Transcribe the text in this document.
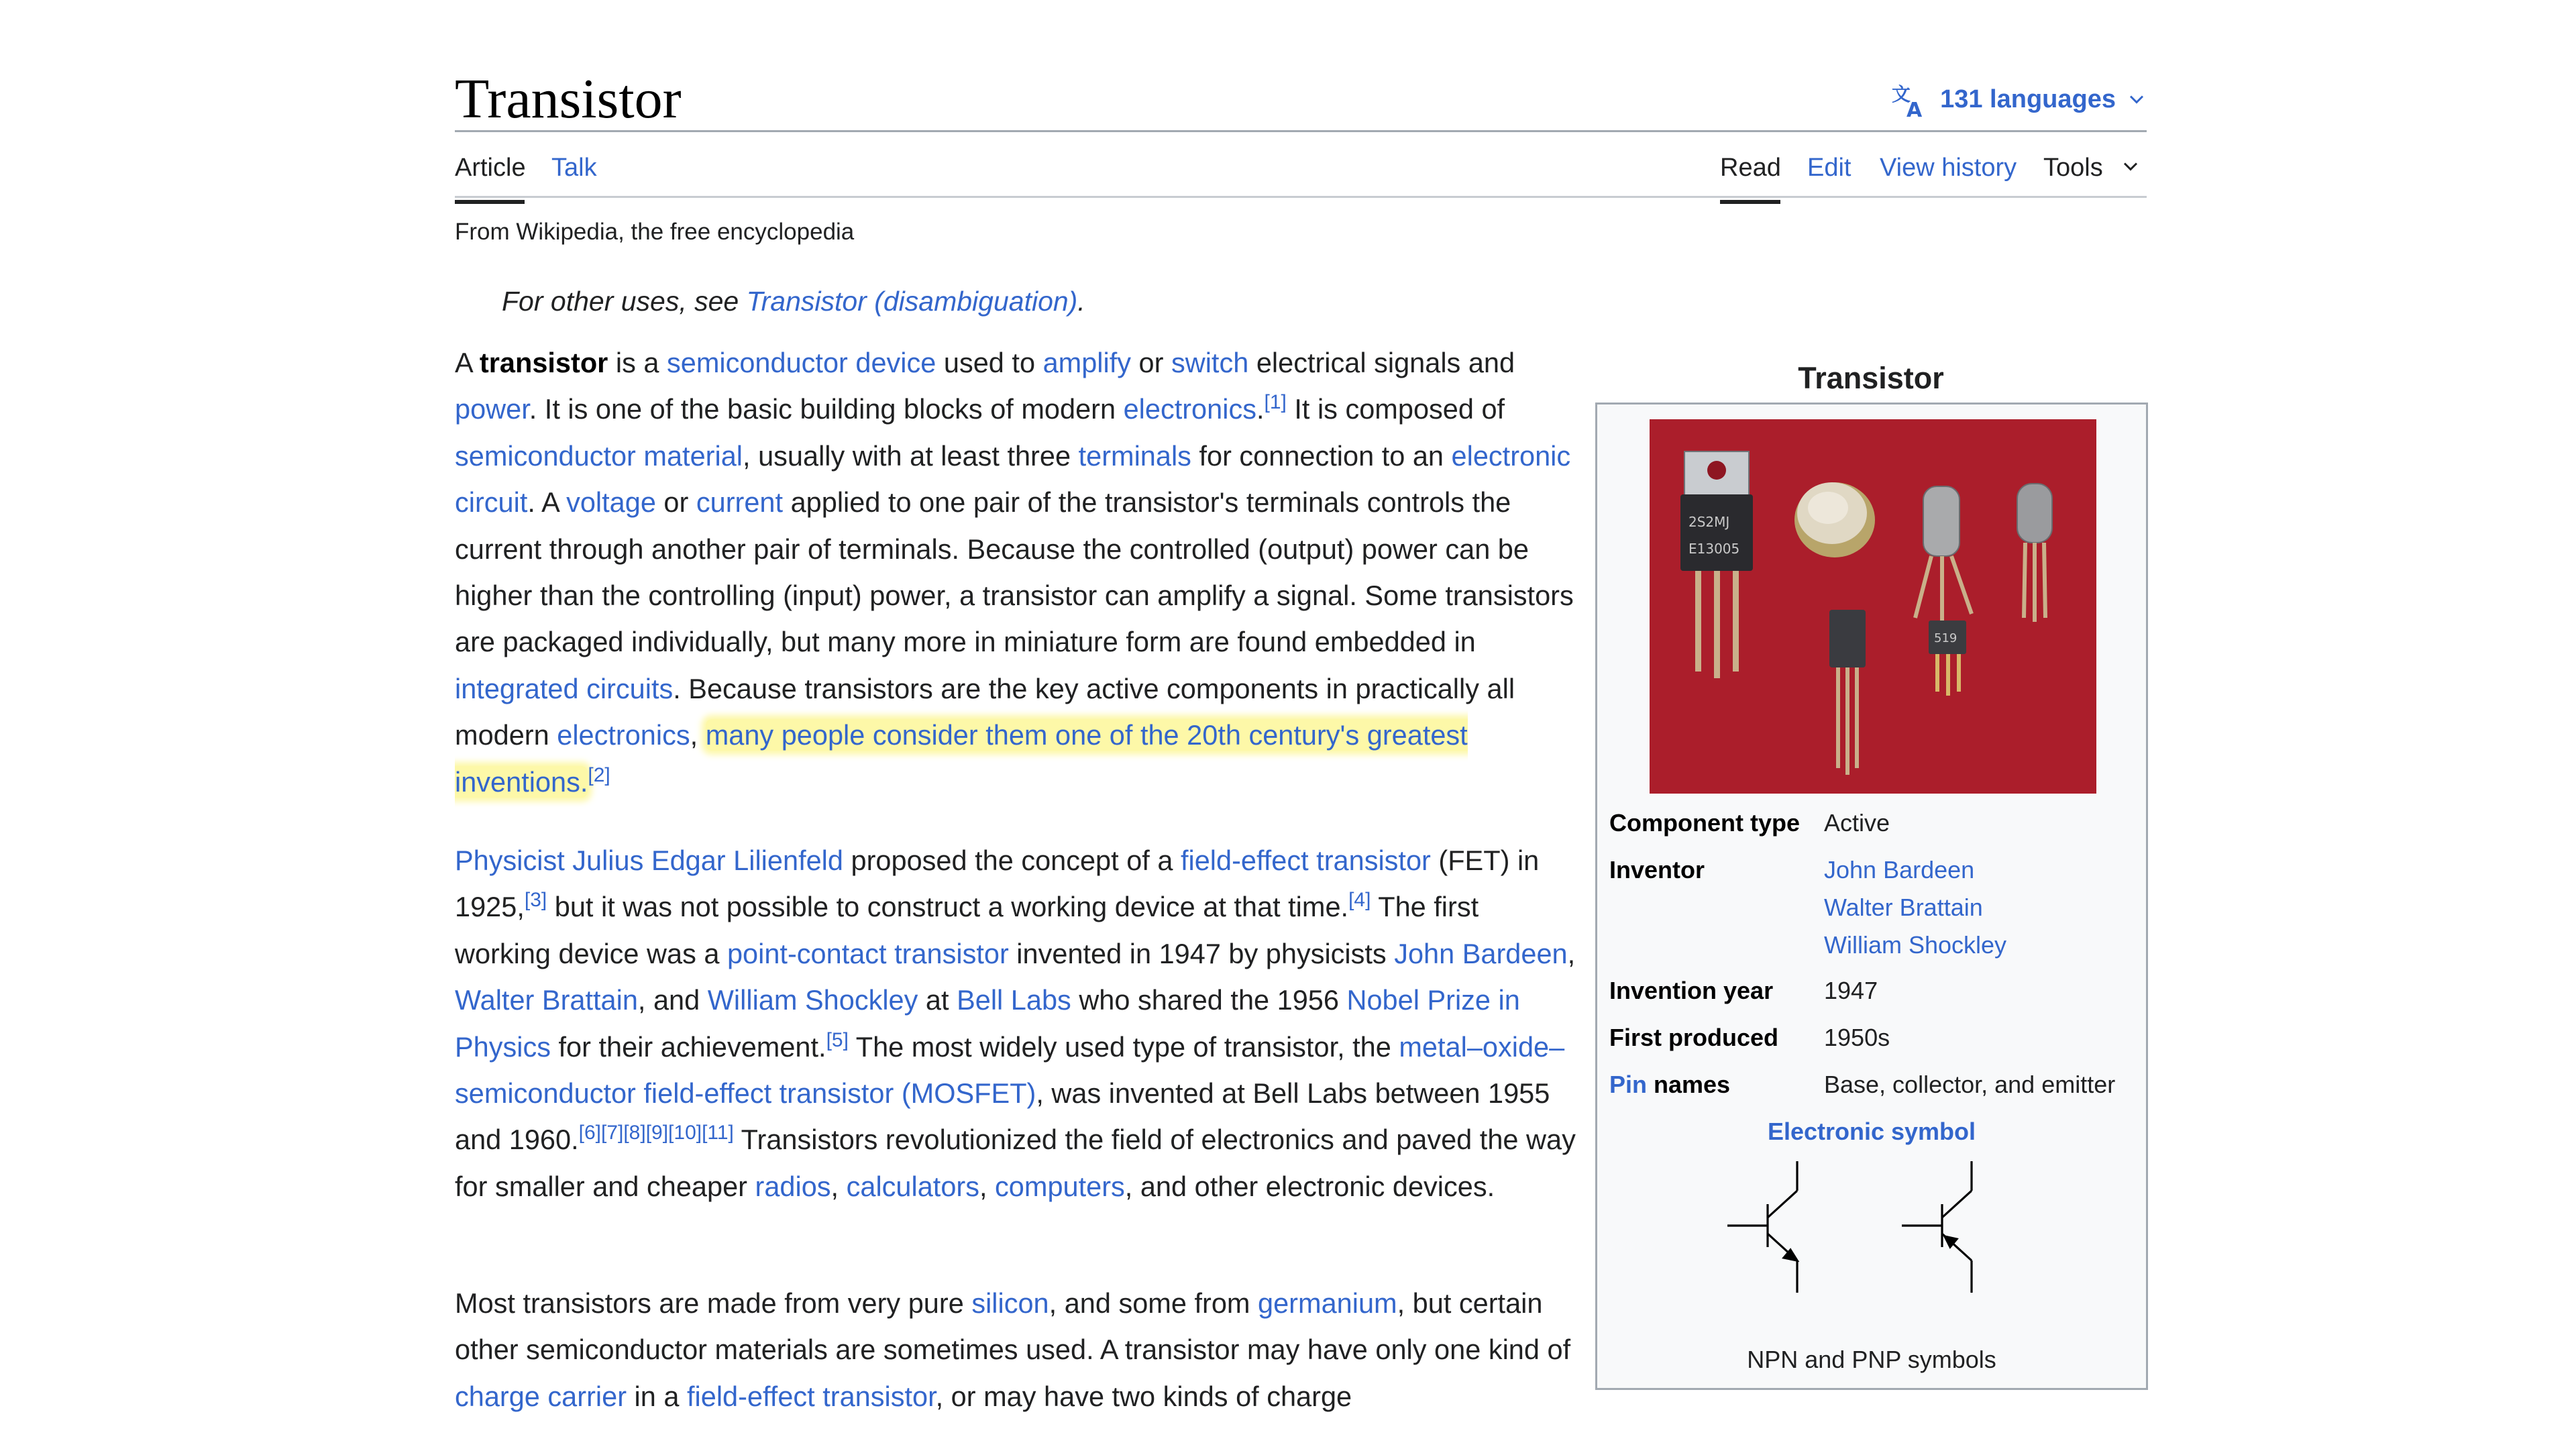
Transistor	文
A 131 languages
Article Talk	Read Edit View history Tools
From Wikipedia, the free encyclopedia
For other uses, see Transistor (disambiguation).

A transistor is a semiconductor device used to amplify or switch electrical signals and power. It is one of the basic building blocks of modern electronics.[1] It is composed of semiconductor material, usually with at least three terminals for connection to an electronic circuit. A voltage or current applied to one pair of the transistor's terminals controls the current through another pair of terminals. Because the controlled (output) power can be higher than the controlling (input) power, a transistor can amplify a signal. Some transistors are packaged individually, but many more in miniature form are found embedded in integrated circuits. Because transistors are the key active components in practically all modern electronics, many people consider them one of the 20th century's greatest inventions.[2]

Physicist Julius Edgar Lilienfeld proposed the concept of a field-effect transistor (FET) in 1925,[3] but it was not possible to construct a working device at that time.[4] The first working device was a point-contact transistor invented in 1947 by physicists John Bardeen, Walter Brattain, and William Shockley at Bell Labs who shared the 1956 Nobel Prize in Physics for their achievement.[5] The most widely used type of transistor, the metal–oxide–semiconductor field-effect transistor (MOSFET), was invented at Bell Labs between 1955 and 1960.[6][7][8][9][10][11] Transistors revolutionized the field of electronics and paved the way for smaller and cheaper radios, calculators, computers, and other electronic devices.

Most transistors are made from very pure silicon, and some from germanium, but certain other semiconductor materials are sometimes used. A transistor may have only one kind of charge carrier in a field-effect transistor, or may have two kinds of charge

Transistor
2S2MJ
E13005
519
Component type	Active
Inventor	John Bardeen
Walter Brattain
William Shockley
Invention year	1947
First produced	1950s
Pin names	Base, collector, and emitter
Electronic symbol
NPN and PNP symbols
